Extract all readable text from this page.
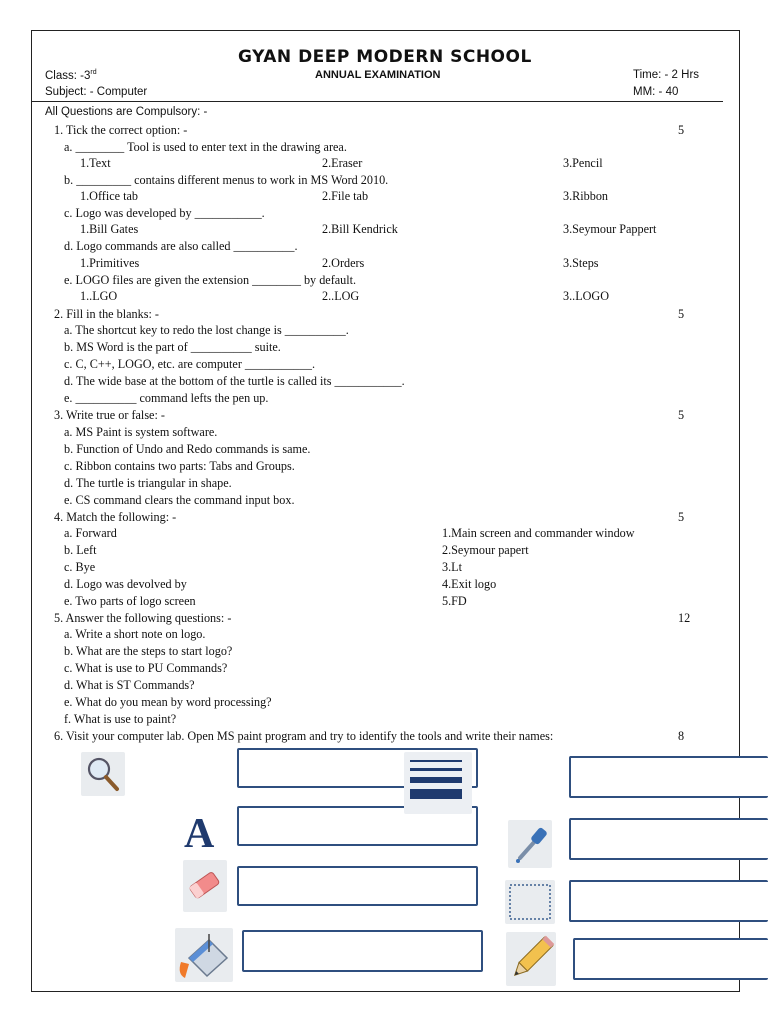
GYAN DEEP MODERN SCHOOL
Class: -3rd	ANNUAL EXAMINATION	Time: - 2 Hrs
Subject: - Computer	MM: - 40
All Questions are Compulsory: -
1. Tick the correct option: -	5
a. ________ Tool is used to enter text in the drawing area.
1.Text	2.Eraser	3.Pencil
b. _________ contains different menus to work in MS Word 2010.
1.Office tab	2.File tab	3.Ribbon
c. Logo was developed by ___________.
1.Bill Gates	2.Bill Kendrick	3.Seymour Pappert
d. Logo commands are also called __________.
1.Primitives	2.Orders	3.Steps
e. LOGO files are given the extension ________ by default.
1..LGO	2..LOG	3..LOGO
2. Fill in the blanks: -	5
a. The shortcut key to redo the lost change is __________.
b. MS Word is the part of __________ suite.
c. C, C++, LOGO, etc. are computer ___________.
d. The wide base at the bottom of the turtle is called its ___________.
e. __________ command lefts the pen up.
3. Write true or false: -	5
a. MS Paint is system software.
b. Function of Undo and Redo commands is same.
c. Ribbon contains two parts: Tabs and Groups.
d. The turtle is triangular in shape.
e. CS command clears the command input box.
4. Match the following: -	5
a. Forward	1.Main screen and commander window
b. Left	2.Seymour papert
c. Bye	3.Lt
d. Logo was devolved by	4.Exit logo
e. Two parts of logo screen	5.FD
5. Answer the following questions: -	12
a. Write a short note on logo.
b. What are the steps to start logo?
c. What is use to PU Commands?
d. What is ST Commands?
e. What do you mean by word processing?
f. What is use to paint?
6. Visit your computer lab. Open MS paint program and try to identify the tools and write their names:	8
A
